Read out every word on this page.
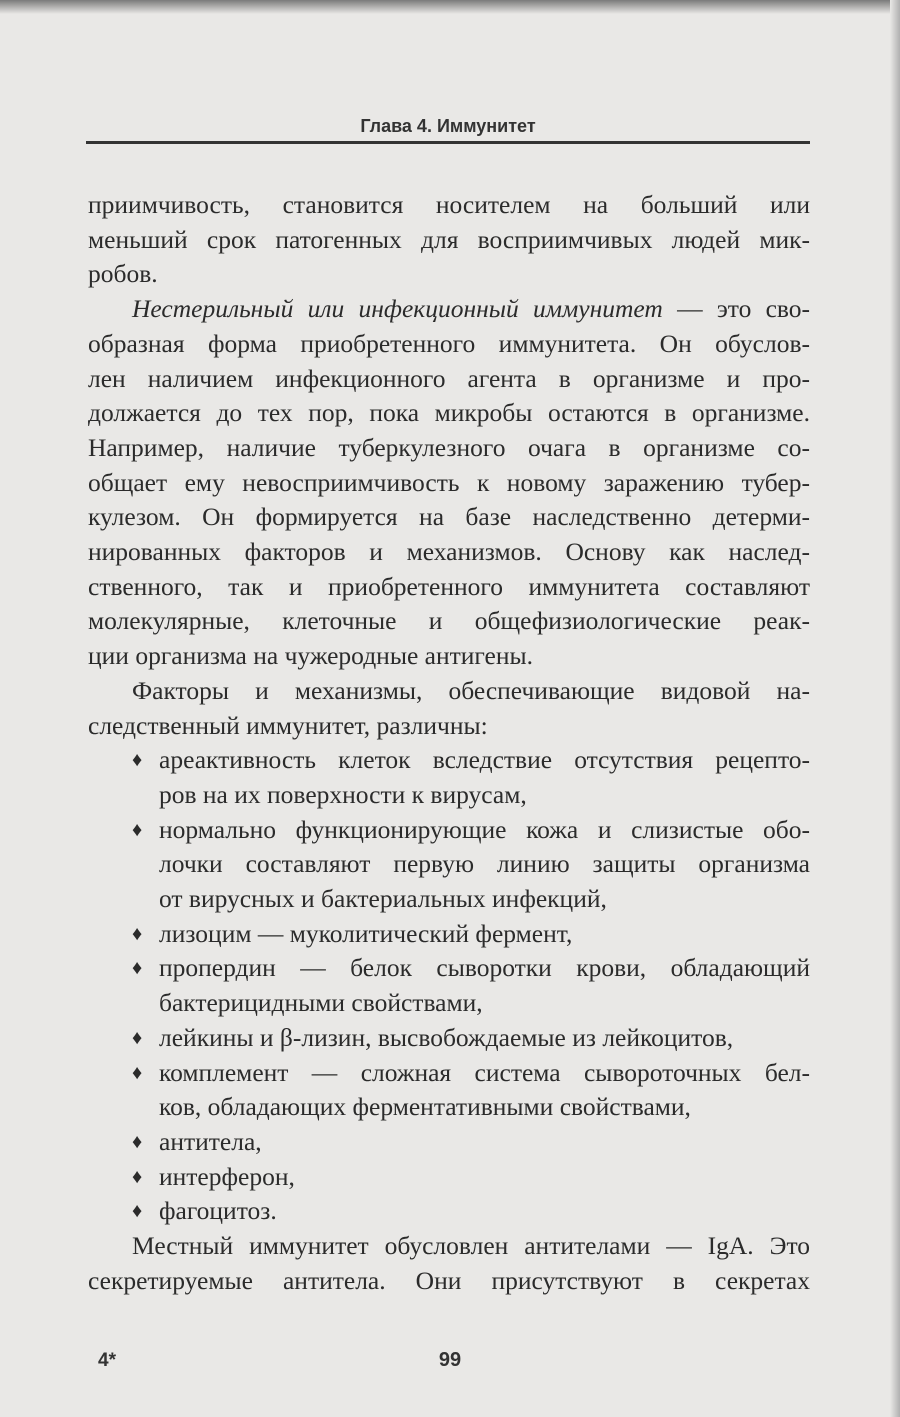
Глава 4. Иммунитет
приимчивость, становится носителем на больший или
меньший срок патогенных для восприимчивых людей мик-
робов.
Нестерильный или инфекционный иммунитет — это сво-
образная форма приобретенного иммунитета. Он обуслов-
лен наличием инфекционного агента в организме и про-
должается до тех пор, пока микробы остаются в организме.
Например, наличие туберкулезного очага в организме со-
общает ему невосприимчивость к новому заражению тубер-
кулезом. Он формируется на базе наследственно детерми-
нированных факторов и механизмов. Основу как наслед-
ственного, так и приобретенного иммунитета составляют
молекулярные, клеточные и общефизиологические реак-
ции организма на чужеродные антигены.
Факторы и механизмы, обеспечивающие видовой на-
следственный иммунитет, различны:
♦ ареактивность клеток вследствие отсутствия рецепто-
ров на их поверхности к вирусам,
♦ нормально функционирующие кожа и слизистые обо-
лочки составляют первую линию защиты организма
от вирусных и бактериальных инфекций,
♦ лизоцим — муколитический фермент,
♦ пропердин — белок сыворотки крови, обладающий
бактерицидными свойствами,
♦ лейкины и β-лизин, высвобождаемые из лейкоцитов,
♦ комплемент — сложная система сывороточных бел-
ков, обладающих ферментативными свойствами,
♦ антитела,
♦ интерферон,
♦ фагоцитоз.
Местный иммунитет обусловлен антителами — IgA. Это
секретируемые антитела. Они присутствуют в секретах
4*	99
